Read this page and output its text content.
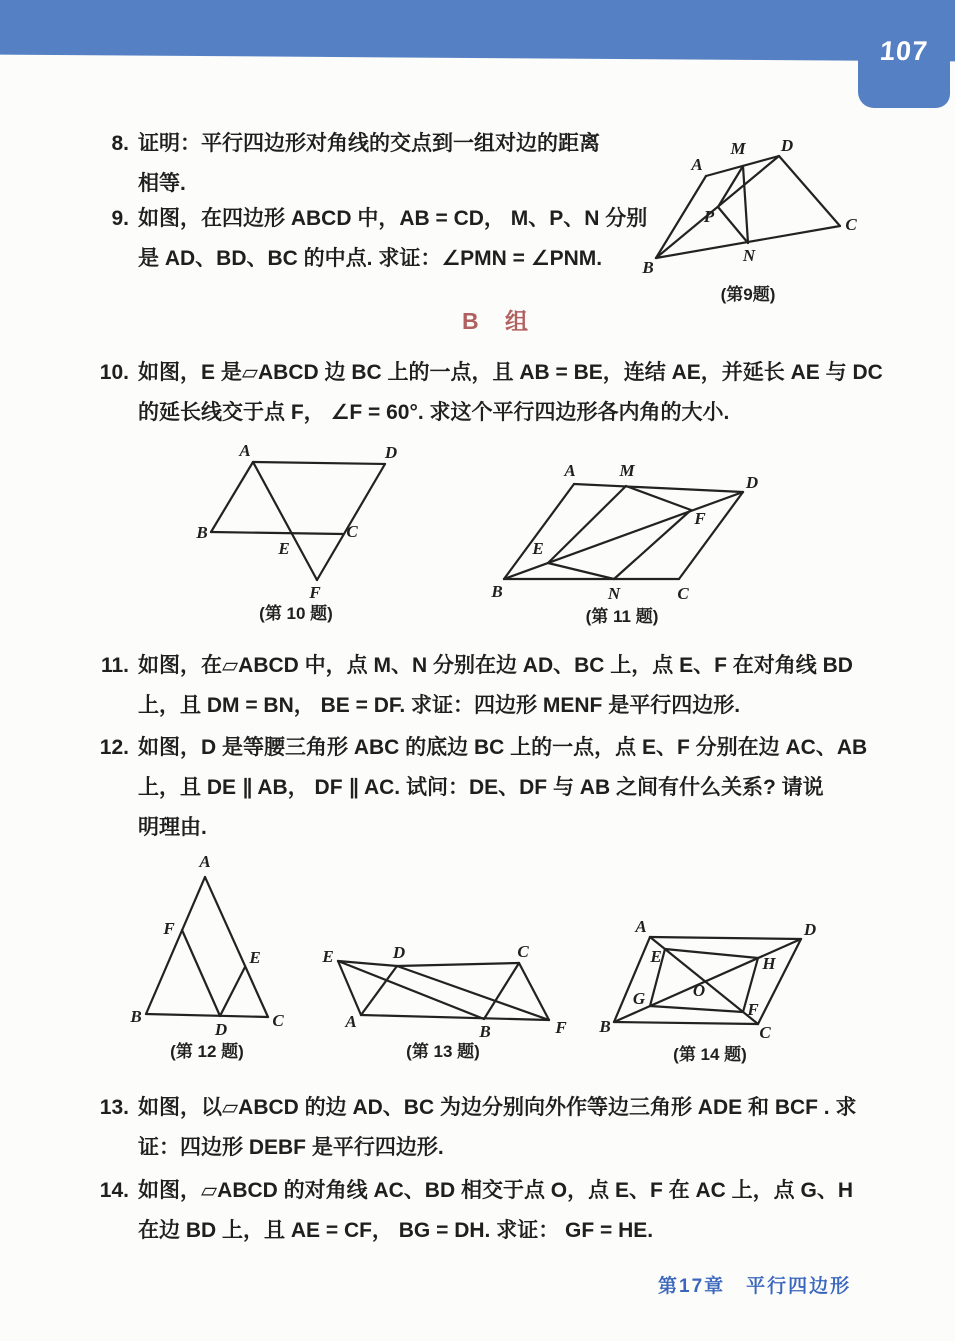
107
8. 证明：平行四边形对角线的交点到一组对边的距离
相等.
9. 如图，在四边形 ABCD 中，AB = CD， M、P、N 分别
是 AD、BD、BC 的中点. 求证：∠PMN = ∠PNM.
A
D
M
P	C
N
B
(第9题)
B 组
10. 如图，E 是▱ABCD 边 BC 上的一点，且 AB = BE，连结 AE，并延长 AE 与 DC
的延长线交于点 F， ∠F = 60°. 求这个平行四边形各内角的大小.
A	D
B
E
C
F
(第 10 题)
A	M
D
F
E
B	N	C
(第 11 题)
11. 如图，在▱ABCD 中，点 M、N 分别在边 AD、BC 上，点 E、F 在对角线 BD
上，且 DM = BN， BE = DF. 求证：四边形 MENF 是平行四边形.
12. 如图，D 是等腰三角形 ABC 的底边 BC 上的一点，点 E、F 分别在边 AC、AB
上，且 DE ∥ AB， DF ∥ AC. 试问：DE、DF 与 AB 之间有什么关系? 请说
明理由.
A
F
E
B
D	C
(第 12 题)
E	D	C
A
B	F
(第 13 题)
A	D
E	H
O
G
F
B	C
(第 14 题)
13. 如图，以▱ABCD 的边 AD、BC 为边分别向外作等边三角形 ADE 和 BCF . 求
证：四边形 DEBF 是平行四边形.
14. 如图，▱ABCD 的对角线 AC、BD 相交于点 O，点 E、F 在 AC 上，点 G、H
在边 BD 上，且 AE = CF， BG = DH. 求证： GF = HE.
第17章　平行四边形
